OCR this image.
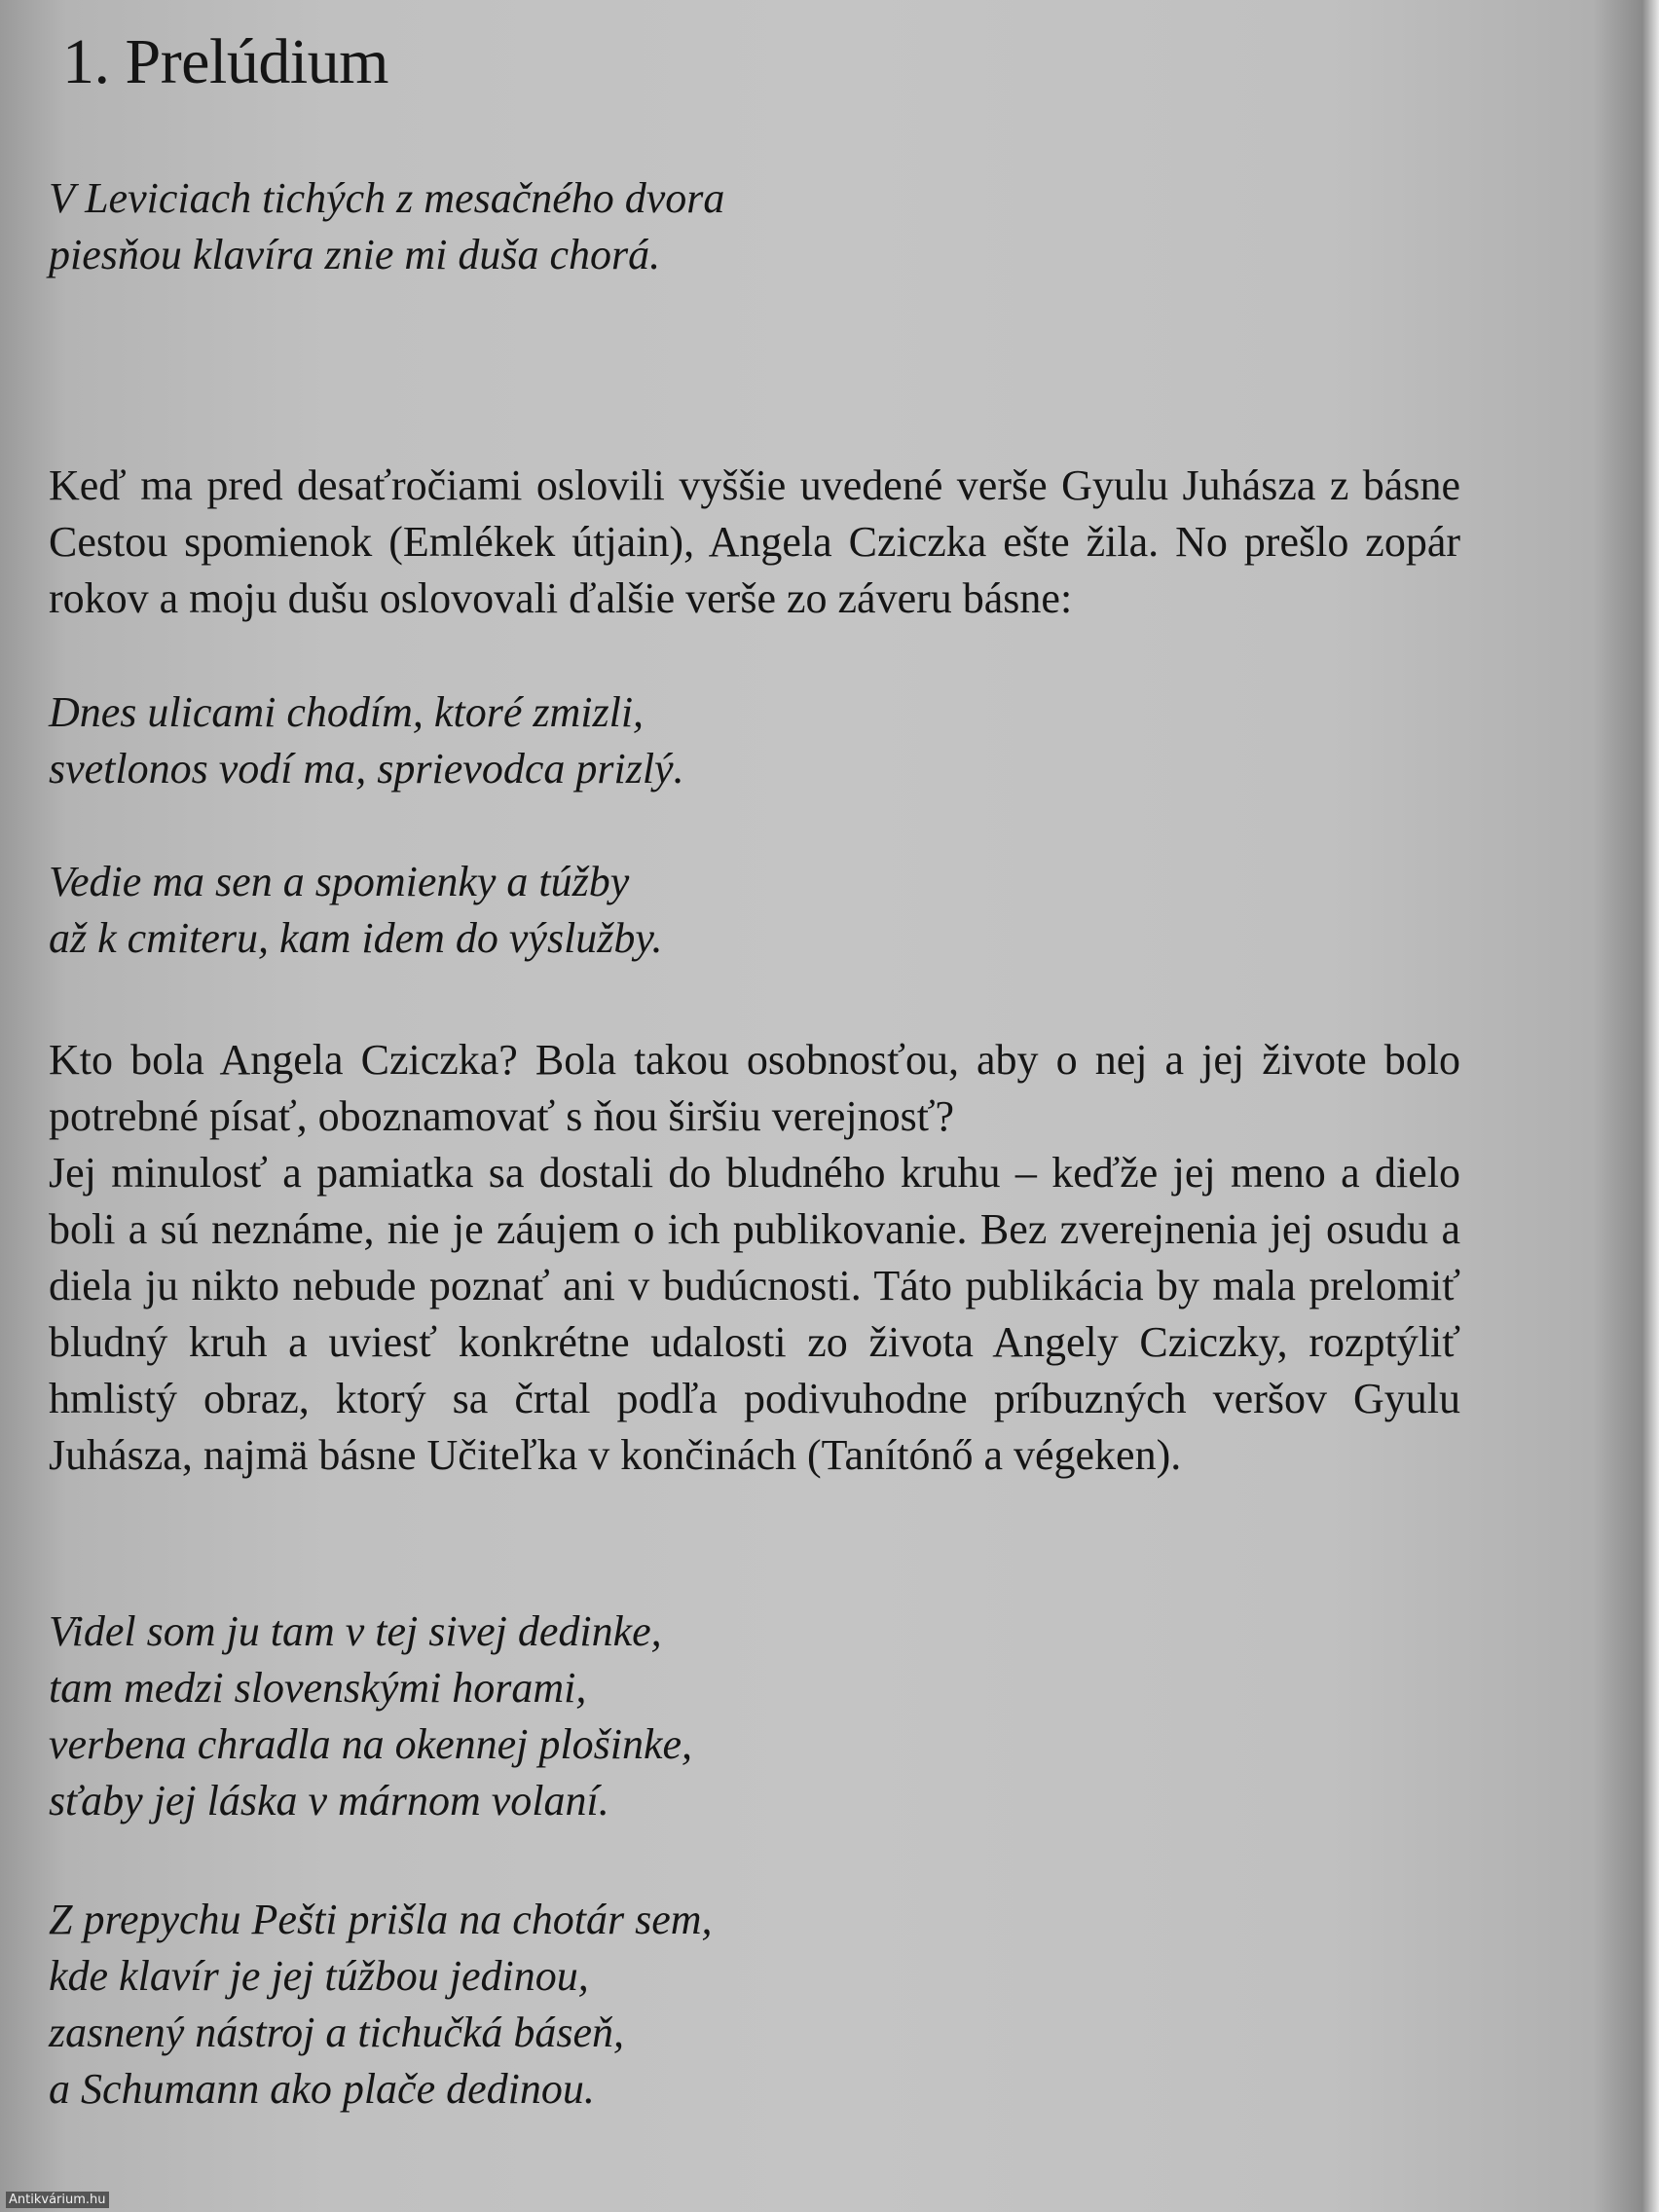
1. Prelúdium

V Leviciach tichých z mesačného dvora
piesňou klavíra znie mi duša chorá.

Keď ma pred desaťročiami oslovili vyššie uvedené verše Gyulu Juhásza z básne Cestou spomienok (Emlékek útjain), Angela Cziczka ešte žila. No prešlo zopár rokov a moju dušu oslovovali ďalšie verše zo záveru básne:

Dnes ulicami chodím, ktoré zmizli,
svetlonos vodí ma, sprievodca prizlý.

Vedie ma sen a spomienky a túžby
až k cmiteru, kam idem do výslužby.

Kto bola Angela Cziczka? Bola takou osobnosťou, aby o nej a jej živote bolo potrebné písať, oboznamovať s ňou širšiu verejnosť?

Jej minulosť a pamiatka sa dostali do bludného kruhu – keďže jej meno a dielo boli a sú neznáme, nie je záujem o ich publikovanie. Bez zverejnenia jej osudu a diela ju nikto nebude poznať ani v budúcnosti. Táto publikácia by mala prelomiť bludný kruh a uviesť konkrétne udalosti zo života Angely Cziczky, rozptýliť hmlistý obraz, ktorý sa črtal podľa podivuhodne príbuzných veršov Gyulu Juhásza, najmä básne Učiteľka v končinách (Tanítónő a végeken).

Videl som ju tam v tej sivej dedinke,
tam medzi slovenskými horami,
verbena chradla na okennej plošinke,
sťaby jej láska v márnom volaní.

Z prepychu Pešti prišla na chotár sem,
kde klavír je jej túžbou jedinou,
zasnený nástroj a tichučká báseň,
a Schumann ako plače dedinou.

Antikvárium.hu
